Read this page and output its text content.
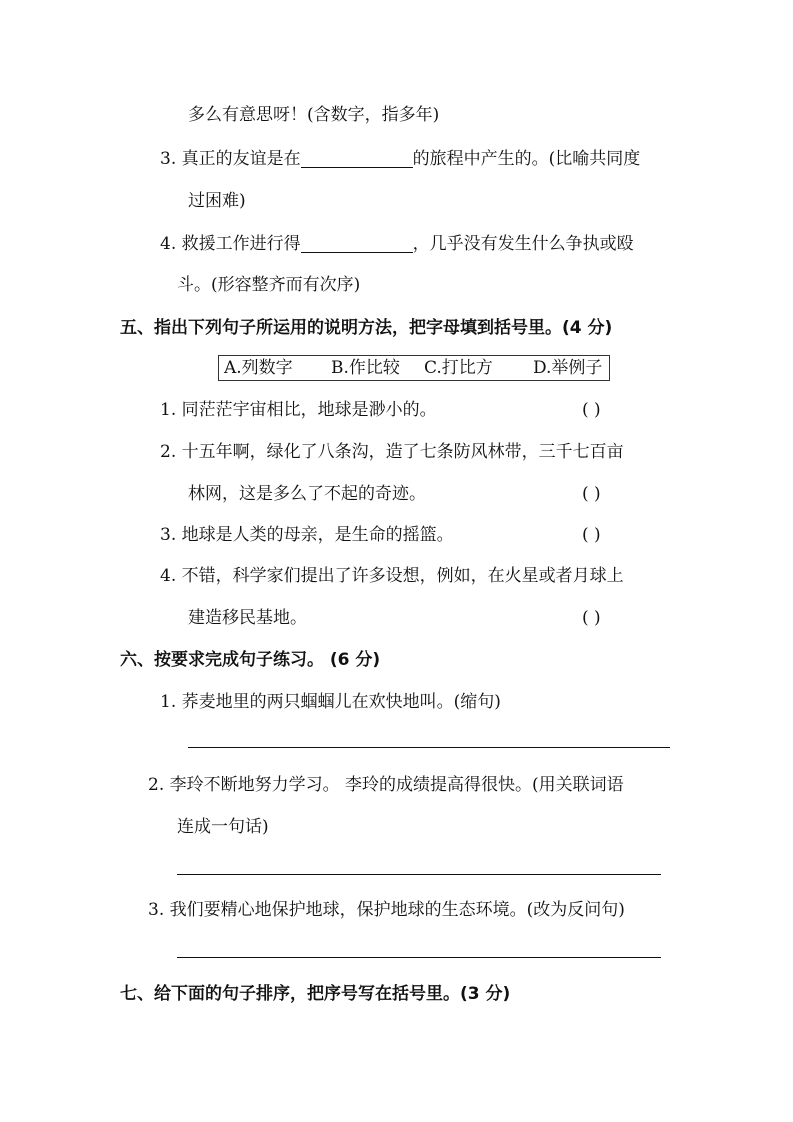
多么有意思呀！(含数字，指多年)
3. 真正的友谊是在	的旅程中产生的。(比喻共同度
过困难)
4. 救援工作进行得	，几乎没有发生什么争执或殴
斗。(形容整齐而有次序)
五、指出下列句子所运用的说明方法，把字母填到括号里。(4 分)
A.列数字 B.作比较 C.打比方 D.举例子
1. 同茫茫宇宙相比，地球是渺小的。	( )
2. 十五年啊，绿化了八条沟，造了七条防风林带，三千七百亩
林网，这是多么了不起的奇迹。	( )
3. 地球是人类的母亲，是生命的摇篮。	( )
4. 不错，科学家们提出了许多设想，例如，在火星或者月球上
建造移民基地。	( )
六、按要求完成句子练习。 (6 分)
1. 荞麦地里的两只蝈蝈儿在欢快地叫。(缩句)
2. 李玲不断地努力学习。 李玲的成绩提高得很快。(用关联词语
连成一句话)
3. 我们要精心地保护地球，保护地球的生态环境。(改为反问句)
七、给下面的句子排序，把序号写在括号里。(3 分)
